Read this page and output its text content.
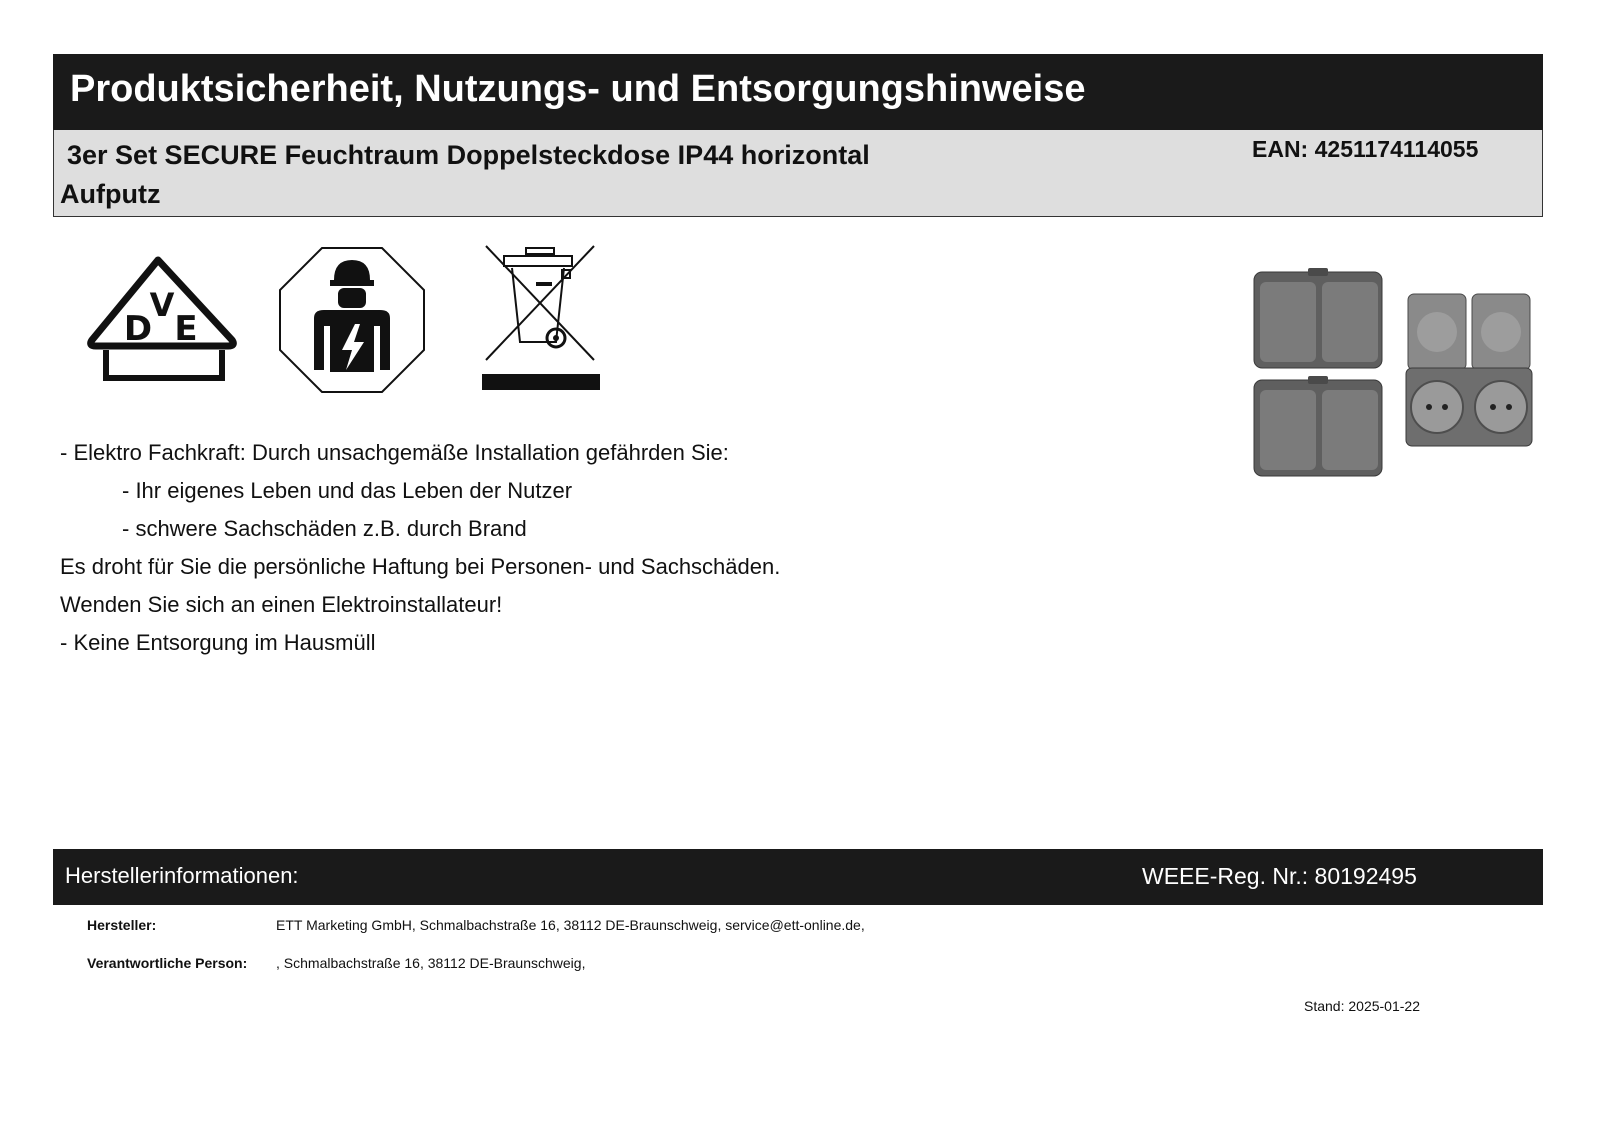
Produktsicherheit, Nutzungs- und Entsorgungshinweise
3er Set SECURE Feuchtraum Doppelsteckdose IP44 horizontal Aufputz
EAN: 4251174114055
D
V
E
- Elektro Fachkraft: Durch unsachgemäße Installation gefährden Sie:
- Ihr eigenes Leben und das Leben der Nutzer
- schwere Sachschäden z.B. durch Brand
Es droht für Sie die persönliche Haftung bei Personen- und Sachschäden.
Wenden Sie sich an einen Elektroinstallateur!
- Keine Entsorgung im Hausmüll
Herstellerinformationen:	WEEE-Reg. Nr.: 80192495
Hersteller:	ETT Marketing GmbH, Schmalbachstraße 16, 38112 DE-Braunschweig, service@ett-online.de,
Verantwortliche Person: , Schmalbachstraße 16, 38112 DE-Braunschweig,
Stand: 2025-01-22
